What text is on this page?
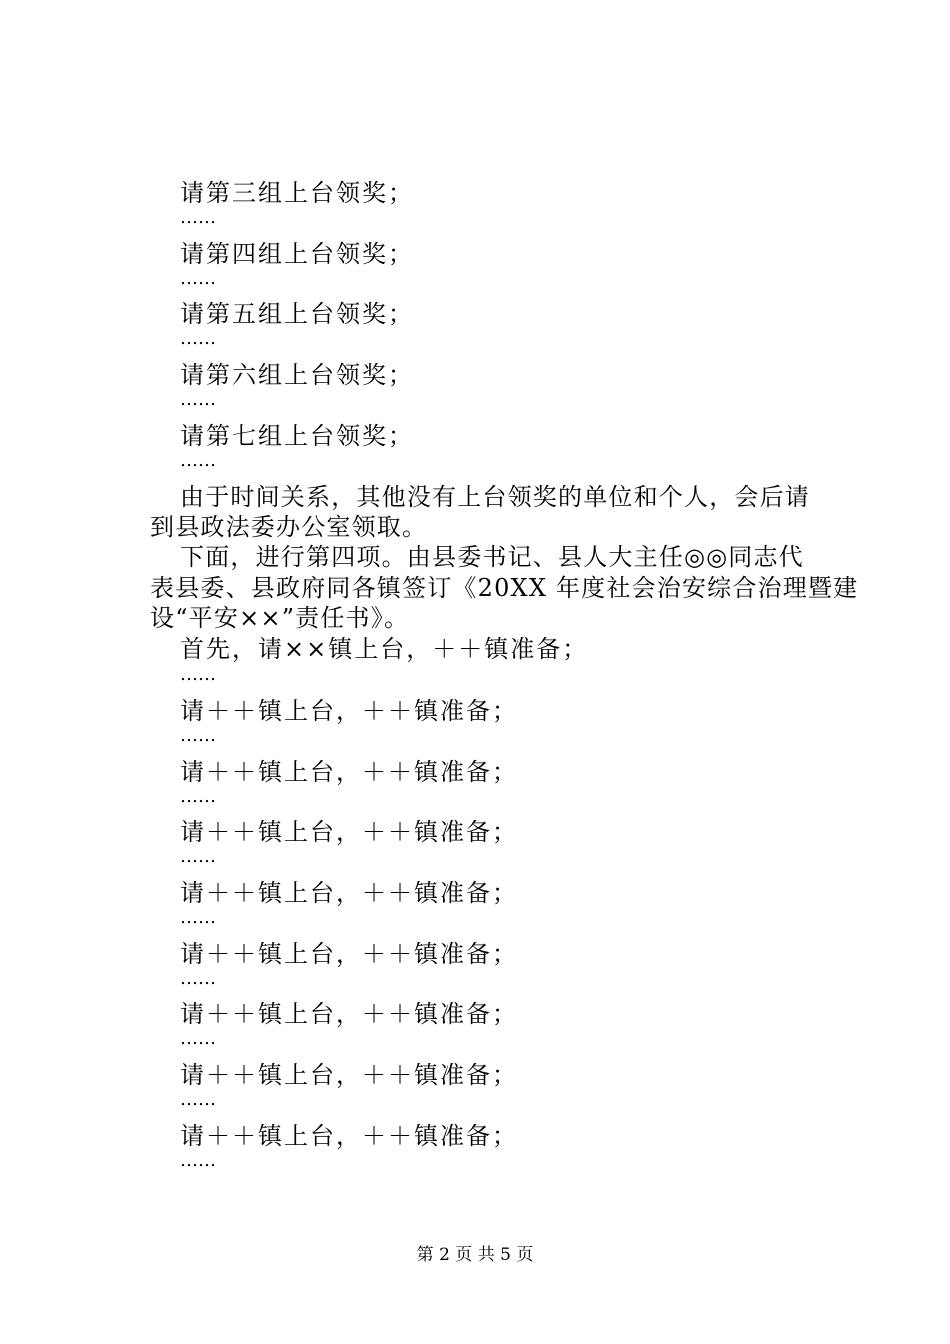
请第三组上台领奖；
……
请第四组上台领奖；
……
请第五组上台领奖；
……
请第六组上台领奖；
……
请第七组上台领奖；
……
由于时间关系，其他没有上台领奖的单位和个人，会后请
到县政法委办公室领取。
下面，进行第四项。由县委书记、县人大主任◎◎同志代
表县委、县政府同各镇签订《20XX 年度社会治安综合治理暨建
设“平安××”责任书》。
首先，请××镇上台，＋＋镇准备；
……
请＋＋镇上台，＋＋镇准备；
……
请＋＋镇上台，＋＋镇准备；
……
请＋＋镇上台，＋＋镇准备；
……
请＋＋镇上台，＋＋镇准备；
……
请＋＋镇上台，＋＋镇准备；
……
请＋＋镇上台，＋＋镇准备；
……
请＋＋镇上台，＋＋镇准备；
……
请＋＋镇上台，＋＋镇准备；
……
第 2 页 共 5 页
